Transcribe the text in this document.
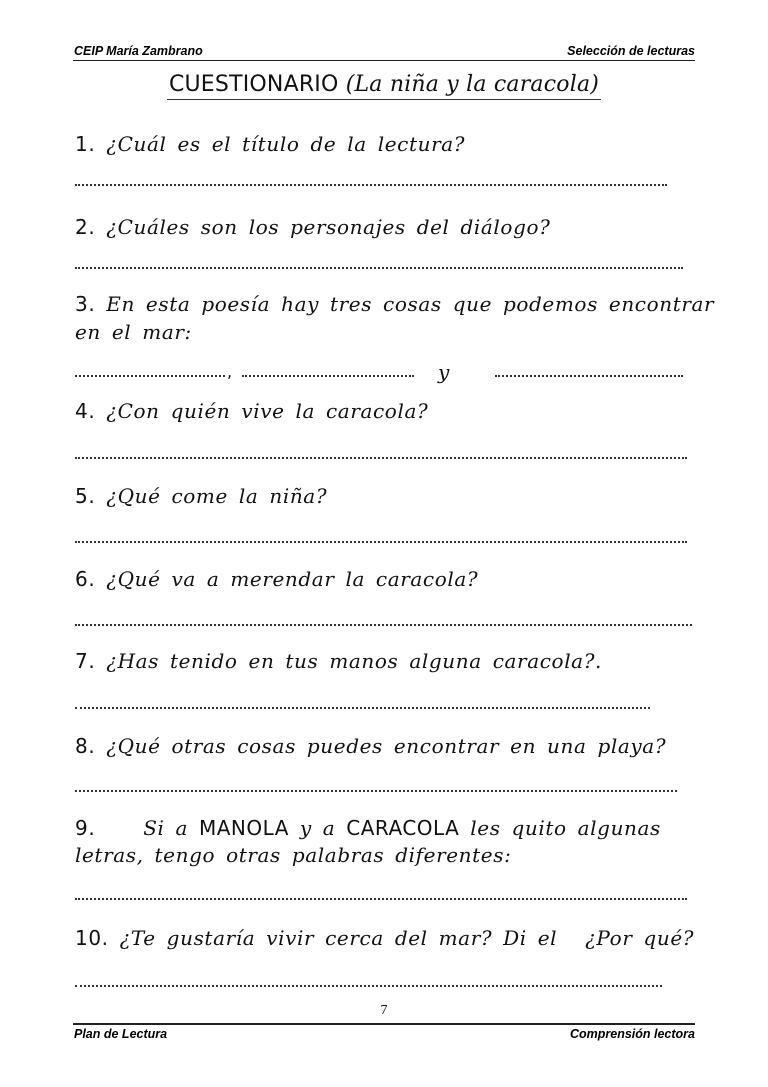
CEIP María Zambrano	Selección de lecturas
CUESTIONARIO (La niña y la caracola)
1. ¿Cuál es el título de la lectura?
2. ¿Cuáles son los personajes del diálogo?
3. En esta poesía hay tres cosas que podemos encontrar
en el mar:
,	y
4. ¿Con quién vive la caracola?
5. ¿Qué come la niña?
6. ¿Qué va a merendar la caracola?
7. ¿Has tenido en tus manos alguna caracola?.
8. ¿Qué otras cosas puedes encontrar en una playa?
9. Si a MANOLA y a CARACOLA les quito algunas
letras, tengo otras palabras diferentes:
10. ¿Te gustaría vivir cerca del mar? Di el ¿Por qué?
7
Plan de Lectura	Comprensión lectora
